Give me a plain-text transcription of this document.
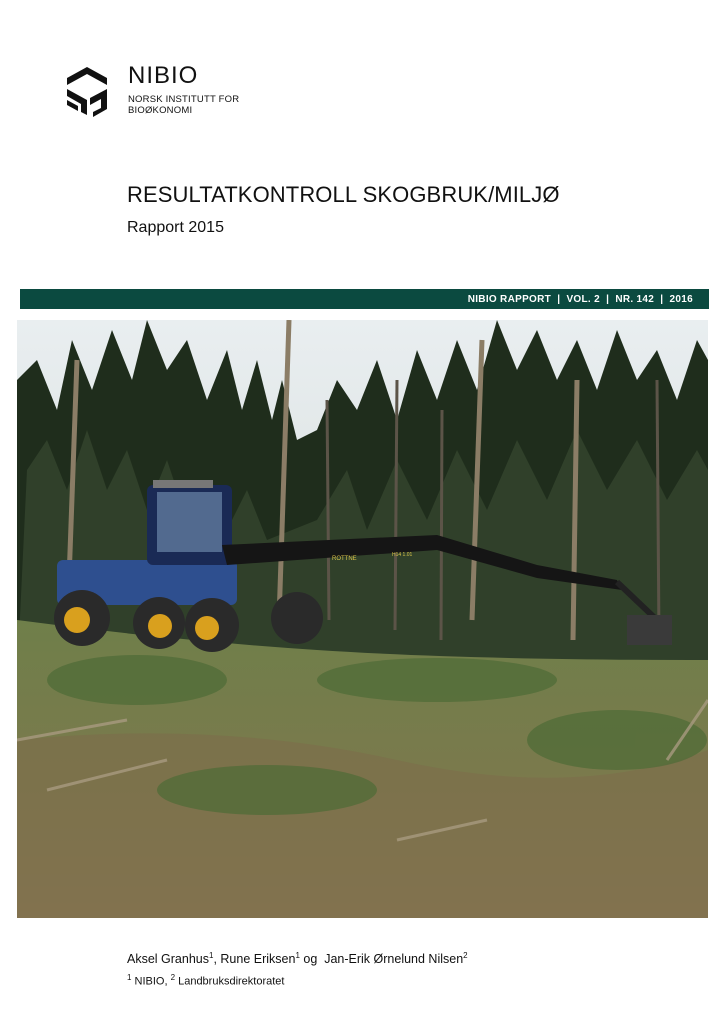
NIBIO
NORSK INSTITUTT FOR
BIOØKONOMI
RESULTATKONTROLL SKOGBRUK/MILJØ
Rapport 2015
NIBIO RAPPORT  |  VOL. 2  |  NR. 142  |  2016
ROTTNE
H14 1.01
Aksel Granhus$^1$, Rune Eriksen$^1$ og  Jan-Erik Ørnelund Nilsen$^2$
$^1$ NIBIO, $^2$ Landbruksdirektoratet
